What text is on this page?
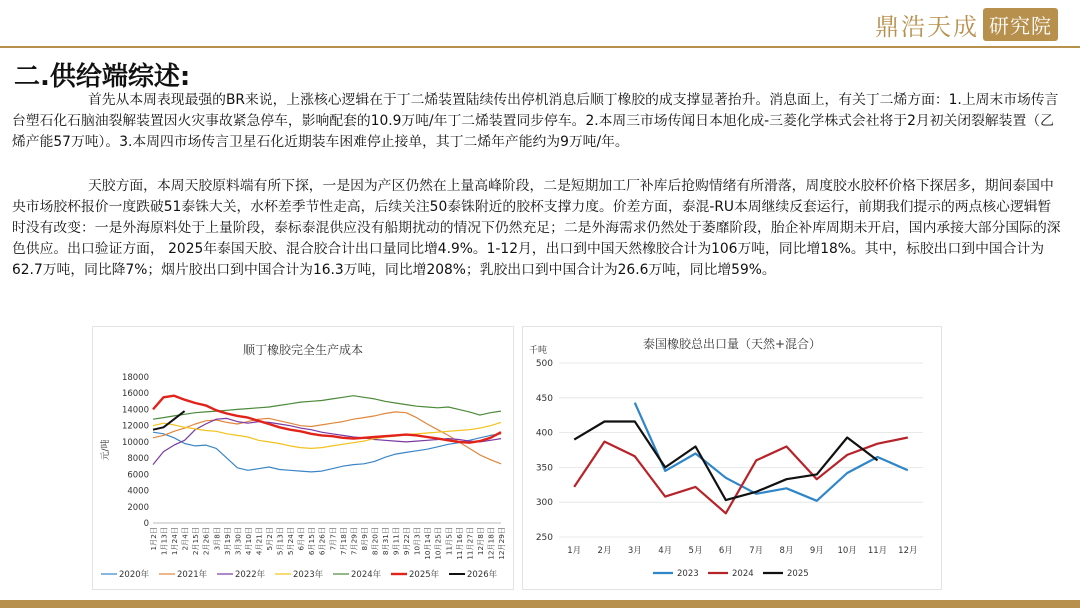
鼎浩天成 研究院
二.供给端综述:

首先从本周表现最强的BR来说，上涨核心逻辑在于丁二烯装置陆续传出停机消息后顺丁橡胶的成支撑显著抬升。消息面上，有关丁二烯方面：1.上周末市场传言台塑石化石脑油裂解装置因火灾事故紧急停车，影响配套的10.9万吨/年丁二烯装置同步停车。2.本周三市场传闻日本旭化成-三菱化学株式会社将于2月初关闭裂解装置（乙烯产能57万吨）。3.本周四市场传言卫星石化近期装车困难停止接单，其丁二烯年产能约为9万吨/年。

天胶方面，本周天胶原料端有所下探，一是因为产区仍然在上量高峰阶段，二是短期加工厂补库后抢购情绪有所滑落，周度胶水胶杯价格下探居多，期间泰国中央市场胶杯报价一度跌破51泰铢大关，水杯差季节性走高，后续关注50泰铢附近的胶杯支撑力度。价差方面，泰混-RU本周继续反套运行，前期我们提示的两点核心逻辑暂时没有改变：一是外海原料处于上量阶段，泰标泰混供应没有船期扰动的情况下仍然充足；二是外海需求仍然处于萎靡阶段，胎企补库周期未开启，国内承接大部分国际的深色供应。出口验证方面， 2025年泰国天胶、混合胶合计出口量同比增4.9%。1-12月，出口到中国天然橡胶合计为106万吨，同比增18%。其中，标胶出口到中国合计为62.7万吨，同比降7%；烟片胶出口到中国合计为16.3万吨，同比增208%；乳胶出口到中国合计为26.6万吨，同比增59%。

顺丁橡胶完全生产成本
元/吨
0
2000
4000
6000
8000
10000
12000
14000
16000
18000
1月2日 1月13日 1月24日 2月4日 2月15日 2月26日 3月8日 3月19日 3月30日 4月10日 4月21日 5月2日 5月13日 5月24日 6月4日 6月15日 6月26日 7月7日 7月18日 7月29日 8月9日 8月20日 8月31日 9月11日 9月22日 10月3日 10月14日 10月25日 11月5日 11月16日 11月27日 12月8日 12月18日 12月29日
2020年	2021年	2022年	2023年	2024年	2025年	2026年
泰国橡胶总出口量（天然+混合）
千吨
250
300
350
400
450
500
1月 2月 3月 4月 5月 6月 7月 8月 9月 10月 11月 12月
2023	2024	2025
